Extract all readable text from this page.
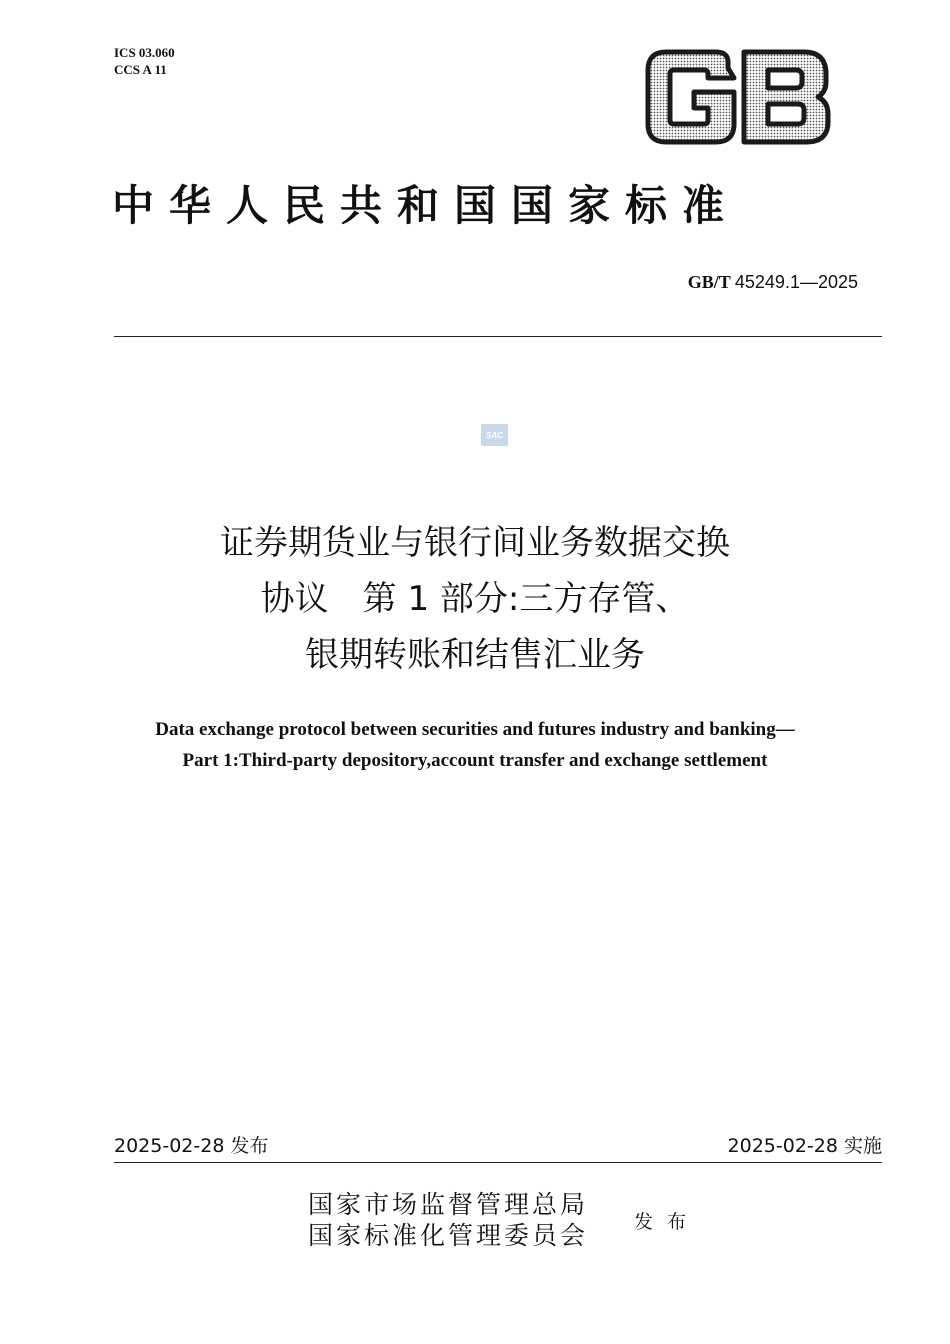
ICS 03.060
CCS A 11
中华人民共和国国家标准
GB/T 45249.1—2025
SAC
证券期货业与银行间业务数据交换
协议　第 1 部分:三方存管、
银期转账和结售汇业务
Data exchange protocol between securities and futures industry and banking—
Part 1:Third-party depository,account transfer and exchange settlement
2025-02-28 发布	2025-02-28 实施
国家市场监督管理总局
国家标准化管理委员会 发布
